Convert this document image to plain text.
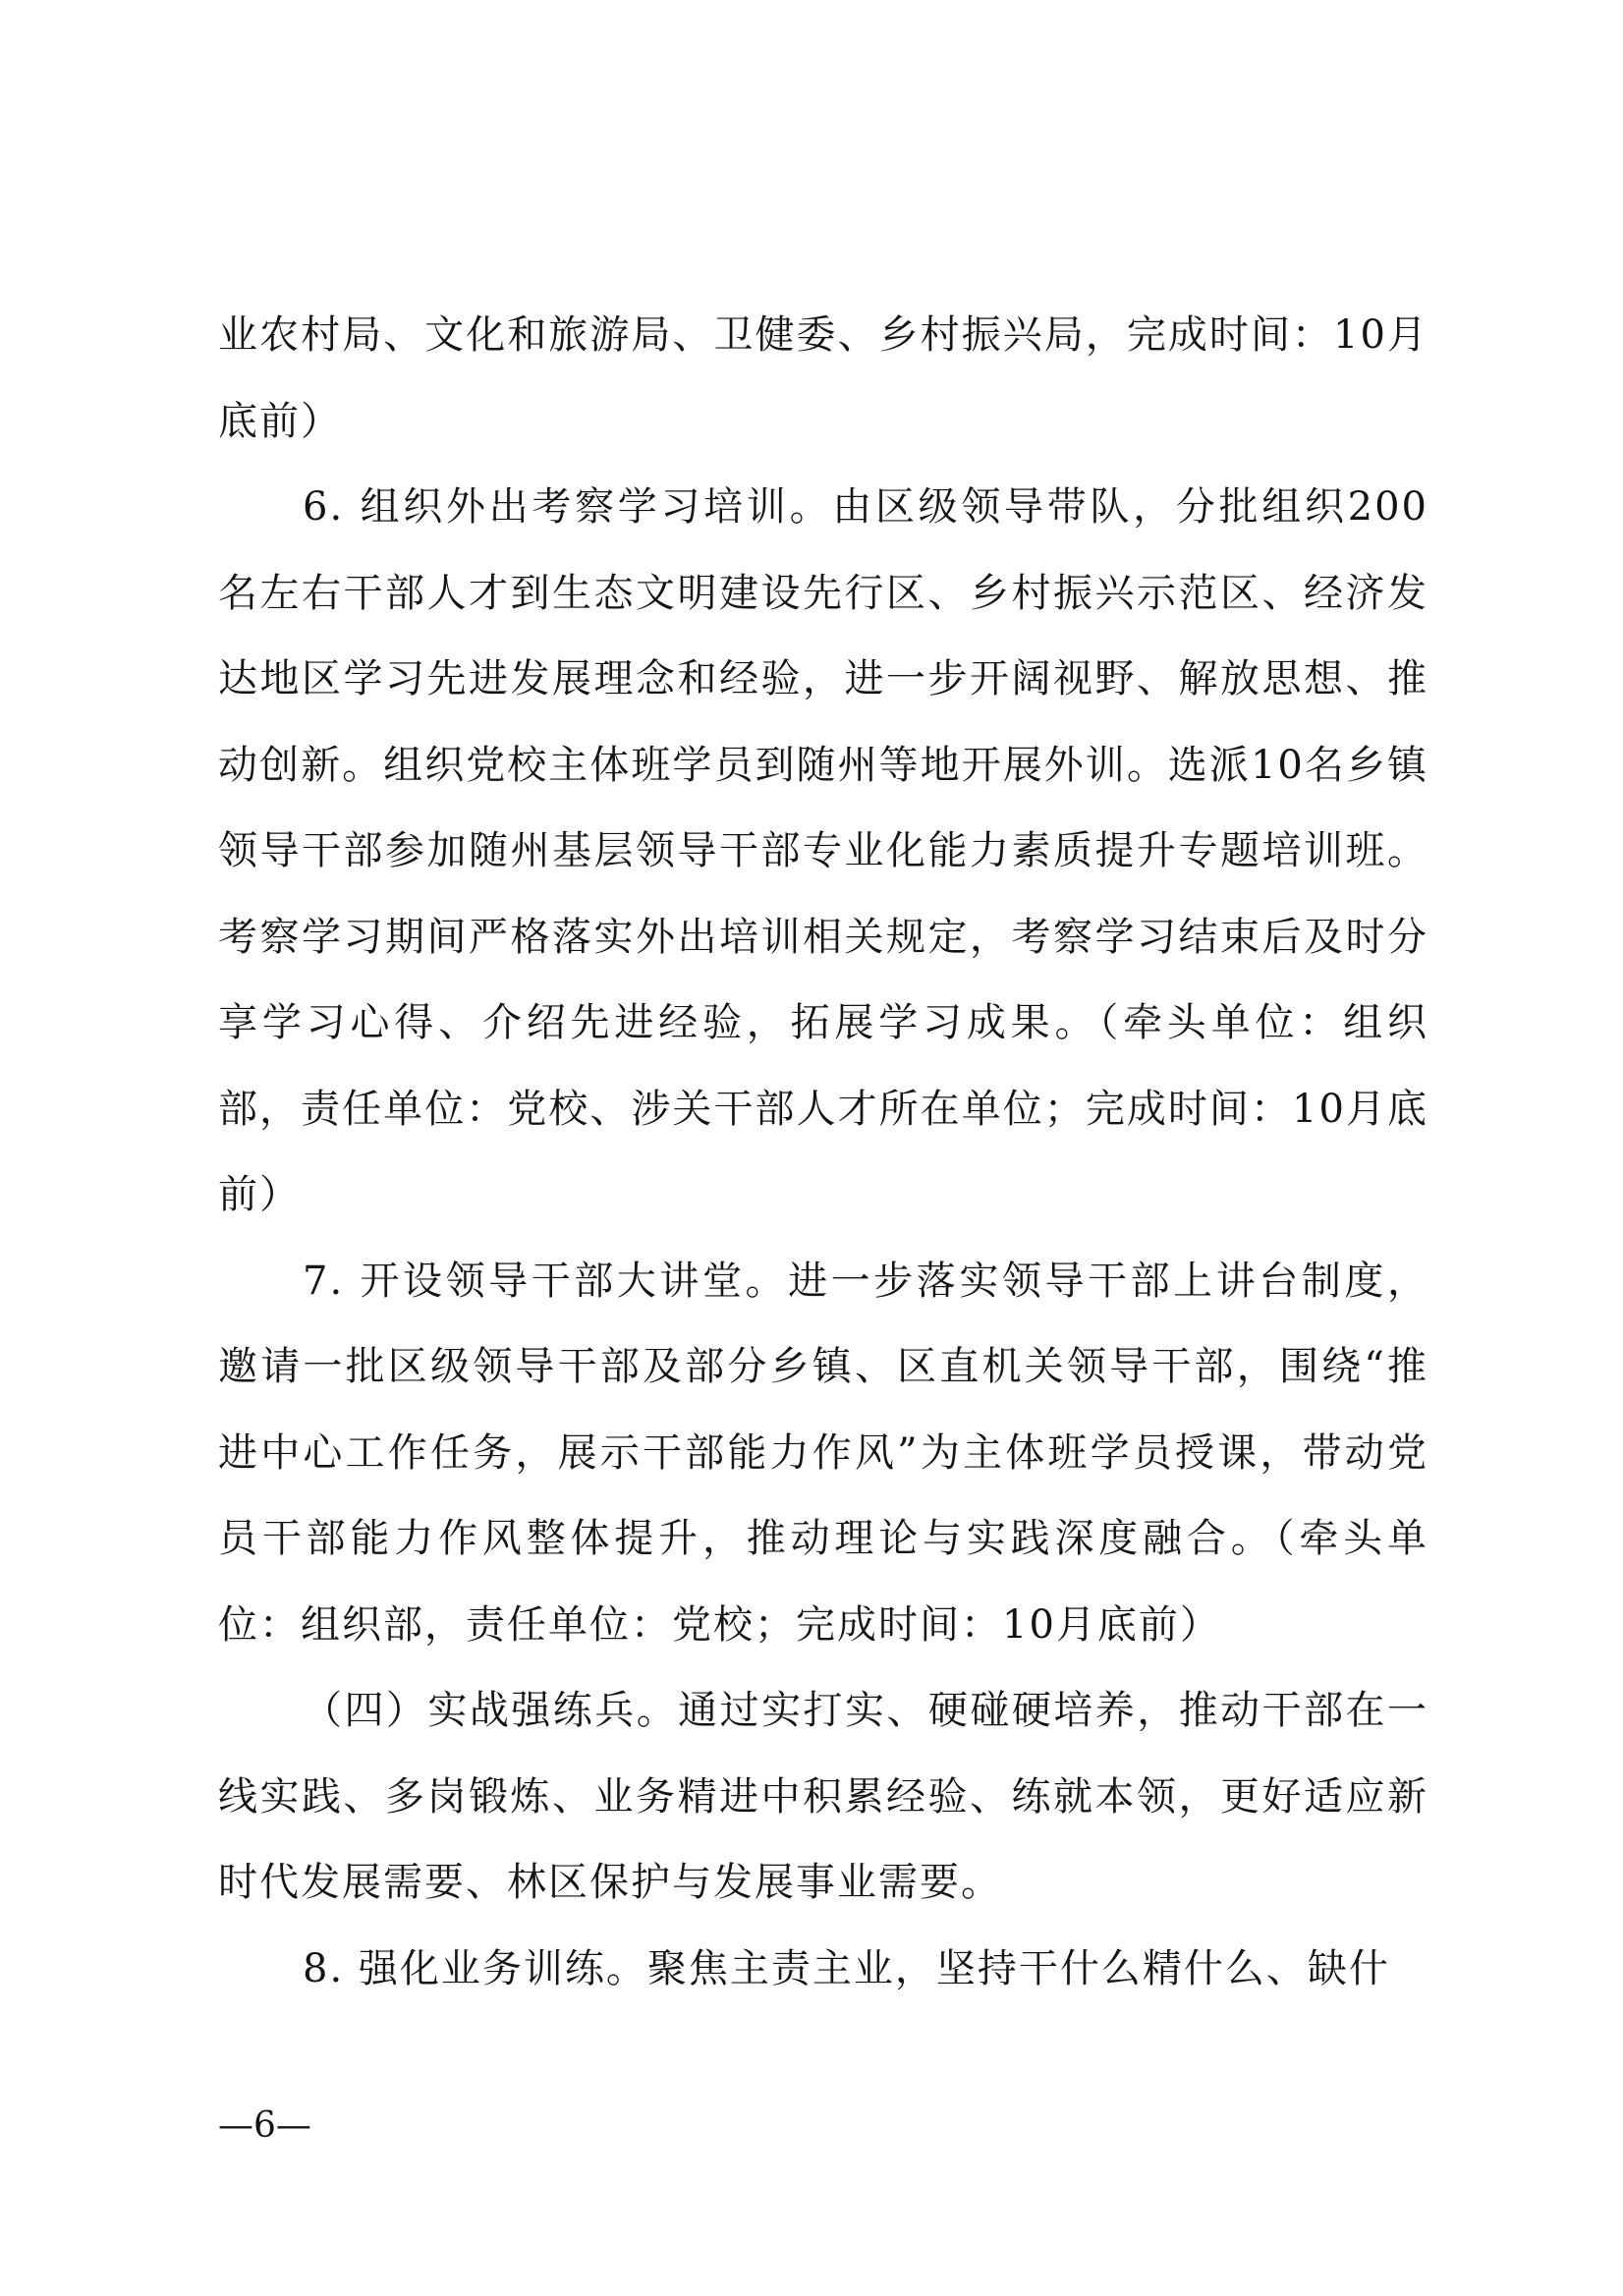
业农村局、文化和旅游局、卫健委、乡村振兴局，完成时间：10月底前）

6. 组织外出考察学习培训。由区级领导带队，分批组织200名左右干部人才到生态文明建设先行区、乡村振兴示范区、经济发达地区学习先进发展理念和经验，进一步开阔视野、解放思想、推动创新。组织党校主体班学员到随州等地开展外训。选派10名乡镇领导干部参加随州基层领导干部专业化能力素质提升专题培训班。考察学习期间严格落实外出培训相关规定，考察学习结束后及时分享学习心得、介绍先进经验，拓展学习成果。（牵头单位：组织部，责任单位：党校、涉关干部人才所在单位；完成时间：10月底前）

7. 开设领导干部大讲堂。进一步落实领导干部上讲台制度，邀请一批区级领导干部及部分乡镇、区直机关领导干部，围绕“推进中心工作任务，展示干部能力作风”为主体班学员授课，带动党员干部能力作风整体提升，推动理论与实践深度融合。（牵头单位：组织部，责任单位：党校；完成时间：10月底前）

（四）实战强练兵。通过实打实、硬碰硬培养，推动干部在一线实践、多岗锻炼、业务精进中积累经验、练就本领，更好适应新时代发展需要、林区保护与发展事业需要。

8. 强化业务训练。聚焦主责主业，坚持干什么精什么、缺什

—6—
